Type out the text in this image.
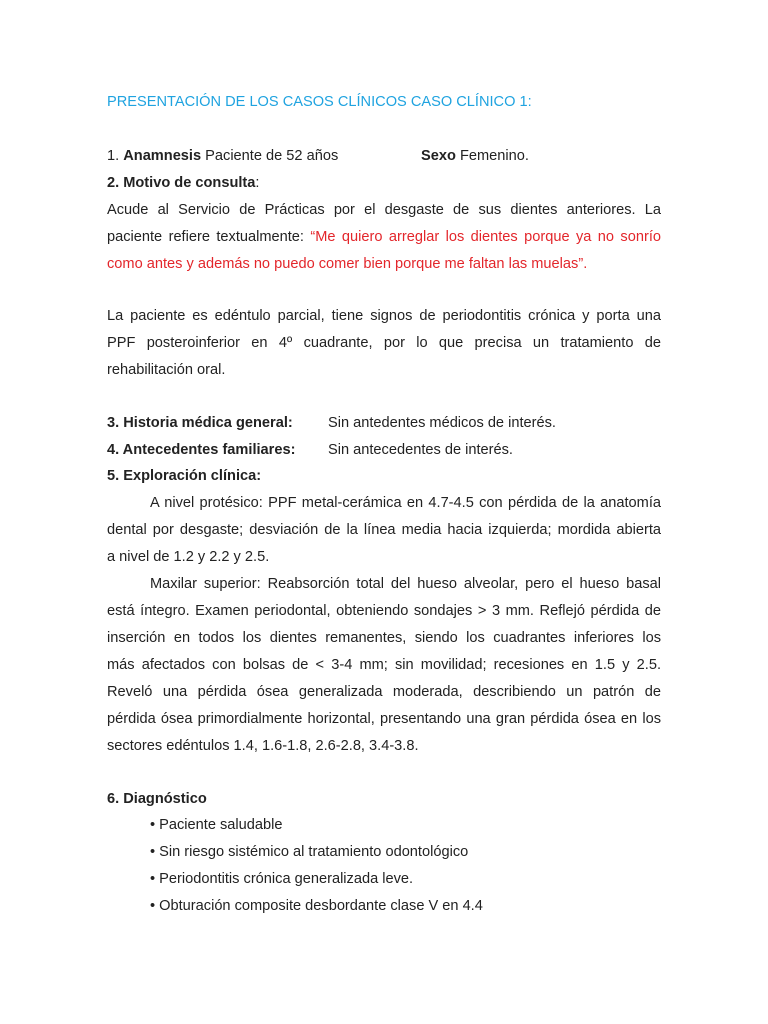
PRESENTACIÓN DE LOS CASOS CLÍNICOS CASO CLÍNICO 1:
1. Anamnesis Paciente de 52 años	Sexo Femenino.
2. Motivo de consulta:
Acude al Servicio de Prácticas por el desgaste de sus dientes anteriores. La
paciente refiere textualmente: “Me quiero arreglar los dientes porque ya no sonrío
como antes y además no puedo comer bien porque me faltan las muelas”.
La paciente es edéntulo parcial, tiene signos de periodontitis crónica y porta una
PPF posteroinferior en 4º cuadrante, por lo que precisa un tratamiento de
rehabilitación oral.
3. Historia médica general: Sin antedentes médicos de interés.
4. Antecedentes familiares: Sin antecedentes de interés.
5. Exploración clínica:
A nivel protésico: PPF metal-cerámica en 4.7-4.5 con pérdida de la anatomía
dental por desgaste; desviación de la línea media hacia izquierda; mordida abierta
a nivel de 1.2 y 2.2 y 2.5.
Maxilar superior: Reabsorción total del hueso alveolar, pero el hueso basal
está íntegro. Examen periodontal, obteniendo sondajes > 3 mm. Reflejó pérdida de
inserción en todos los dientes remanentes, siendo los cuadrantes inferiores los
más afectados con bolsas de < 3-4 mm; sin movilidad; recesiones en 1.5 y 2.5.
Reveló una pérdida ósea generalizada moderada, describiendo un patrón de
pérdida ósea primordialmente horizontal, presentando una gran pérdida ósea en los
sectores edéntulos 1.4, 1.6-1.8, 2.6-2.8, 3.4-3.8.
6. Diagnóstico
• Paciente saludable
• Sin riesgo sistémico al tratamiento odontológico
• Periodontitis crónica generalizada leve.
• Obturación composite desbordante clase V en 4.4
